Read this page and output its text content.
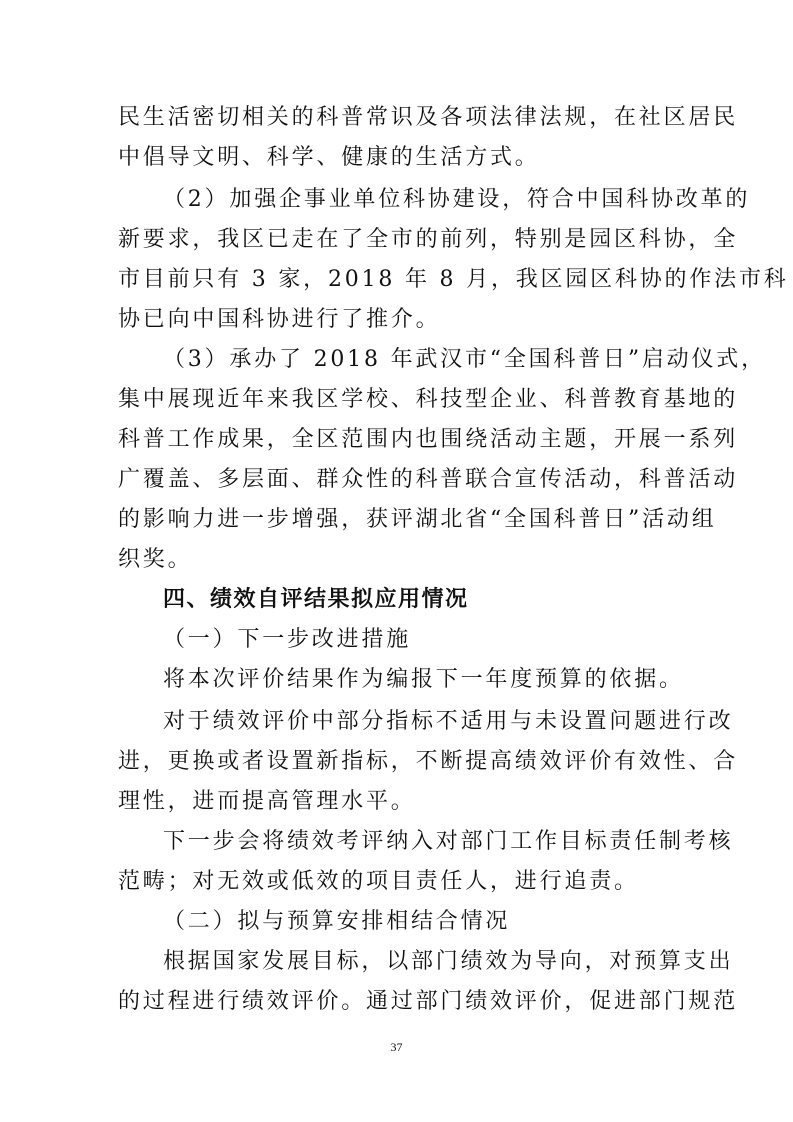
民生活密切相关的科普常识及各项法律法规，在社区居民
中倡导文明、科学、健康的生活方式。
（2）加强企事业单位科协建设，符合中国科协改革的
新要求，我区已走在了全市的前列，特别是园区科协，全
市目前只有 3 家，2018 年 8 月，我区园区科协的作法市科
协已向中国科协进行了推介。
（3）承办了 2018 年武汉市“全国科普日”启动仪式，
集中展现近年来我区学校、科技型企业、科普教育基地的
科普工作成果，全区范围内也围绕活动主题，开展一系列
广覆盖、多层面、群众性的科普联合宣传活动，科普活动
的影响力进一步增强，获评湖北省“全国科普日”活动组
织奖。
四、绩效自评结果拟应用情况
（一）下一步改进措施
将本次评价结果作为编报下一年度预算的依据。
对于绩效评价中部分指标不适用与未设置问题进行改
进，更换或者设置新指标，不断提高绩效评价有效性、合
理性，进而提高管理水平。
下一步会将绩效考评纳入对部门工作目标责任制考核
范畴；对无效或低效的项目责任人，进行追责。
（二）拟与预算安排相结合情况
根据国家发展目标，以部门绩效为导向，对预算支出
的过程进行绩效评价。通过部门绩效评价，促进部门规范
37
